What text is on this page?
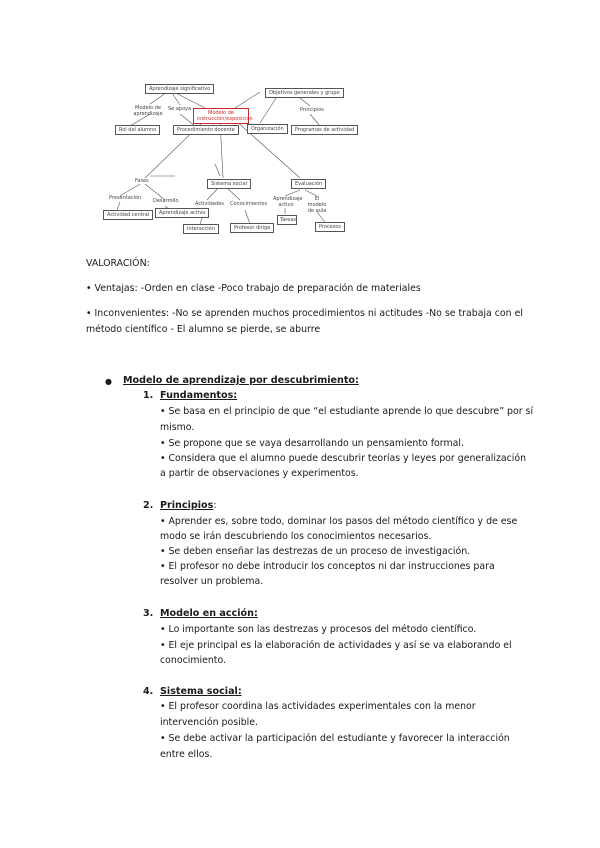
Modelo de instrucción/exposición
Aprendizaje significativo
Modelo de aprendizaje
Se apoya
Rol del alumno	Procedimiento docente
Objetivos generales y grupo
Principios
Organización	Programas de actividad
Fases
Presentación Desarrollo
Actividad central	Aprendizaje activo
Sistema social
Actividades Conocimientos
Interacción	Profesor dirige
Evaluación
Aprendizaje activo
El modelo de aula
Tareas
Procesos
VALORACIÓN:
• Ventajas: -Orden en clase -Poco trabajo de preparación de materiales
• Inconvenientes: -No se aprenden muchos procedimientos ni actitudes -No se trabaja con el
método científico - El alumno se pierde, se aburre
● Modelo de aprendizaje por descubrimiento:
1. Fundamentos:
• Se basa en el principio de que “el estudiante aprende lo que descubre” por sí
mismo.
• Se propone que se vaya desarrollando un pensamiento formal.
• Considera que el alumno puede descubrir teorías y leyes por generalización
a partir de observaciones y experimentos.
2. Principios:
• Aprender es, sobre todo, dominar los pasos del método científico y de ese
modo se irán descubriendo los conocimientos necesarios.
• Se deben enseñar las destrezas de un proceso de investigación.
• El profesor no debe introducir los conceptos ni dar instrucciones para
resolver un problema.
3. Modelo en acción:
• Lo importante son las destrezas y procesos del método científico.
• El eje principal es la elaboración de actividades y así se va elaborando el
conocimiento.
4. Sistema social:
• El profesor coordina las actividades experimentales con la menor
intervención posible.
• Se debe activar la participación del estudiante y favorecer la interacción
entre ellos.
